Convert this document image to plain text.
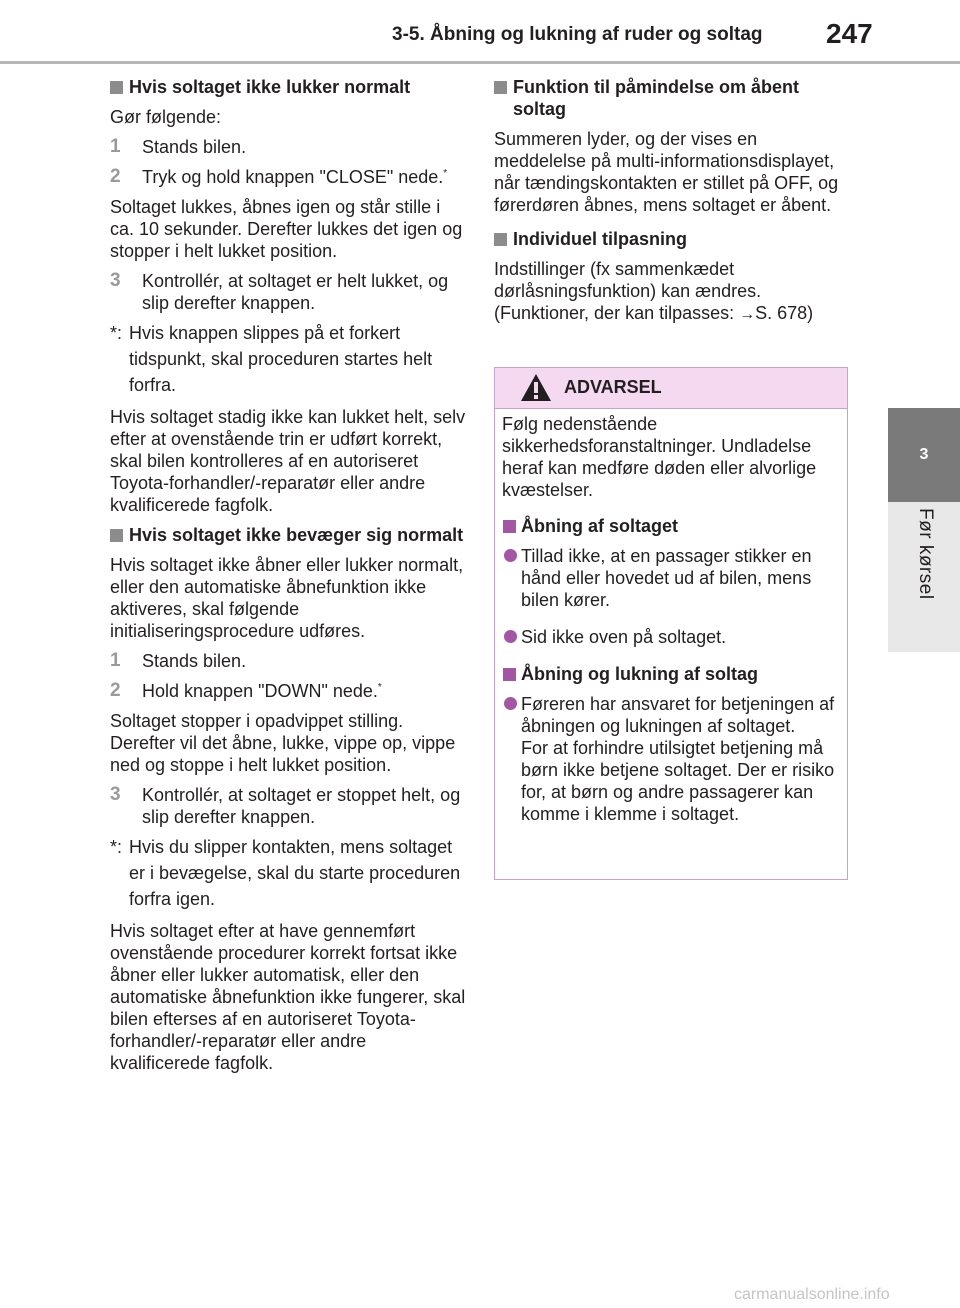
3-5. Åbning og lukning af ruder og soltag 247
3
Før kørsel
Hvis soltaget ikke lukker normalt
Gør følgende:
1 Stands bilen.
2 Tryk og hold knappen "CLOSE" nede.*
Soltaget lukkes, åbnes igen og står stille i ca. 10 sekunder. Derefter lukkes det igen og stopper i helt lukket position.
3 Kontrollér, at soltaget er helt lukket, og slip derefter knappen.
*: Hvis knappen slippes på et forkert tidspunkt, skal proceduren startes helt forfra.
Hvis soltaget stadig ikke kan lukket helt, selv efter at ovenstående trin er udført korrekt, skal bilen kontrolleres af en autoriseret Toyota-forhandler/-reparatør eller andre kvalificerede fagfolk.
Hvis soltaget ikke bevæger sig normalt
Hvis soltaget ikke åbner eller lukker normalt, eller den automatiske åbnefunktion ikke aktiveres, skal følgende initialiseringsprocedure udføres.
1 Stands bilen.
2 Hold knappen "DOWN" nede.*
Soltaget stopper i opadvippet stilling. Derefter vil det åbne, lukke, vippe op, vippe ned og stoppe i helt lukket position.
3 Kontrollér, at soltaget er stoppet helt, og slip derefter knappen.
*: Hvis du slipper kontakten, mens soltaget er i bevægelse, skal du starte proceduren forfra igen.
Hvis soltaget efter at have gennemført ovenstående procedurer korrekt fortsat ikke åbner eller lukker automatisk, eller den automatiske åbnefunktion ikke fungerer, skal bilen efterses af en autoriseret Toyota-forhandler/-reparatør eller andre kvalificerede fagfolk.
Funktion til påmindelse om åbent soltag
Summeren lyder, og der vises en meddelelse på multi-informationsdisplayet, når tændingskontakten er stillet på OFF, og førerdøren åbnes, mens soltaget er åbent.
Individuel tilpasning
Indstillinger (fx sammenkædet dørlåsningsfunktion) kan ændres. (Funktioner, der kan tilpasses: →S. 678)
ADVARSEL
Følg nedenstående sikkerhedsforanstaltninger. Undladelse heraf kan medføre døden eller alvorlige kvæstelser.
Åbning af soltaget
Tillad ikke, at en passager stikker en hånd eller hovedet ud af bilen, mens bilen kører.
Sid ikke oven på soltaget.
Åbning og lukning af soltag
Føreren har ansvaret for betjeningen af åbningen og lukningen af soltaget.
For at forhindre utilsigtet betjening må børn ikke betjene soltaget. Der er risiko for, at børn og andre passagerer kan komme i klemme i soltaget.
carmanualsonline.info
